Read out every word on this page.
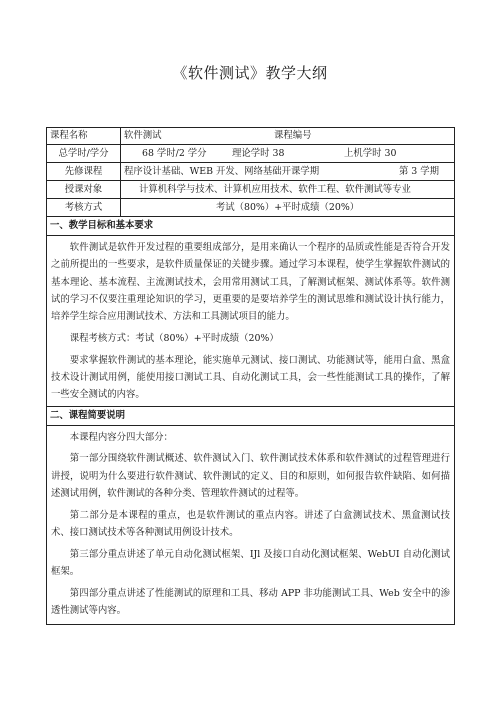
《软件测试》教学大纲
课程名称	软件测试 课程编号

总学时/学分	68 学时/2 学分 理论学时 38 上机学时 30

先修课程	程序设计基础、WEB 开发、网络基础开课学期 第 3 学期

授课对象	计算机科学与技术、计算机应用技术、软件工程、软件测试等专业
考核方式	考试（80%）+平时成绩（20%）
一、教学目标和基本要求	

软件测试是软件开发过程的重要组成部分，是用来确认一个程序的品质或性能是否符合开发之前所提出的一些要求，是软件质量保证的关键步骤。通过学习本课程，使学生掌握软件测试的基本理论、基本流程、主流测试技术，会用常用测试工具，了解测试框架、测试体系等。软件测试的学习不仅要注重理论知识的学习，更重要的是要培养学生的测试思维和测试设计执行能力，培养学生综合应用测试技术、方法和工具测试项目的能力。

课程考核方式：考试（80%）+平时成绩（20%）

要求掌握软件测试的基本理论，能实施单元测试、接口测试、功能测试等，能用白盒、黑盒技术设计测试用例，能使用接口测试工具、自动化测试工具，会一些性能测试工具的操作，了解一些安全测试的内容。	

二、课程简要说明	

本课程内容分四大部分：

第一部分围绕软件测试概述、软件测试入门、软件测试技术体系和软件测试的过程管理进行讲授，说明为什么要进行软件测试、软件测试的定义、目的和原则，如何报告软件缺陷、如何描述测试用例，软件测试的各种分类、管理软件测试的过程等。

第二部分是本课程的重点，也是软件测试的重点内容。讲述了白盒测试技术、黑盒测试技术、接口测试技术等各种测试用例设计技术。

第三部分重点讲述了单元自动化测试框架、IJl 及接口自动化测试框架、WebUI 自动化测试框架。

第四部分重点讲述了性能测试的原理和工具、移动 APP 非功能测试工具、Web 安全中的渗透性测试等内容。	
